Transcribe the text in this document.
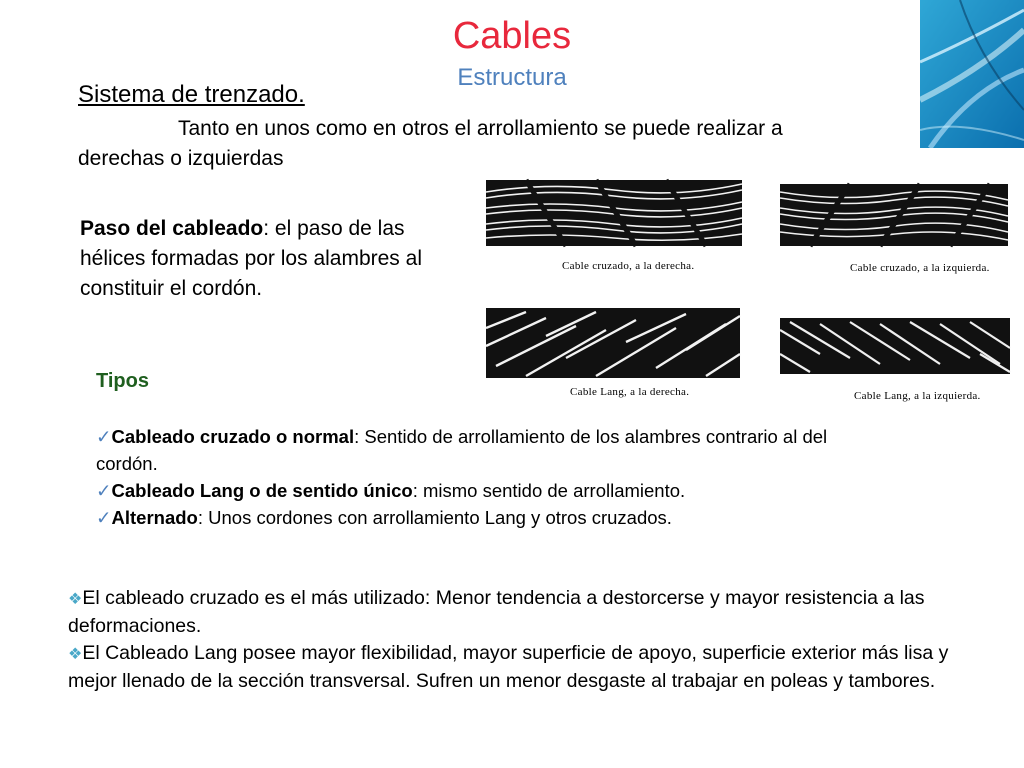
Cables
Estructura
Sistema de trenzado.

Tanto en unos como en otros el arrollamiento se puede realizar a derechas o izquierdas

Paso del cableado: el paso de las hélices formadas por los alambres al constituir el cordón.

Cable cruzado, a la derecha.	Cable cruzado, a la izquierda.
Cable Lang, a la derecha.	Cable Lang, a la izquierda.
Tipos

✓Cableado cruzado o normal: Sentido de arrollamiento de los alambres contrario al del cordón.

✓Cableado Lang o de sentido único: mismo sentido de arrollamiento.

✓Alternado: Unos cordones con arrollamiento Lang y otros cruzados.

❖El cableado cruzado es el más utilizado: Menor tendencia a destorcerse y mayor resistencia a las deformaciones.

❖El Cableado Lang posee mayor flexibilidad, mayor superficie de apoyo, superficie exterior más lisa y mejor llenado de la sección transversal. Sufren un menor desgaste al trabajar en poleas y tambores.
